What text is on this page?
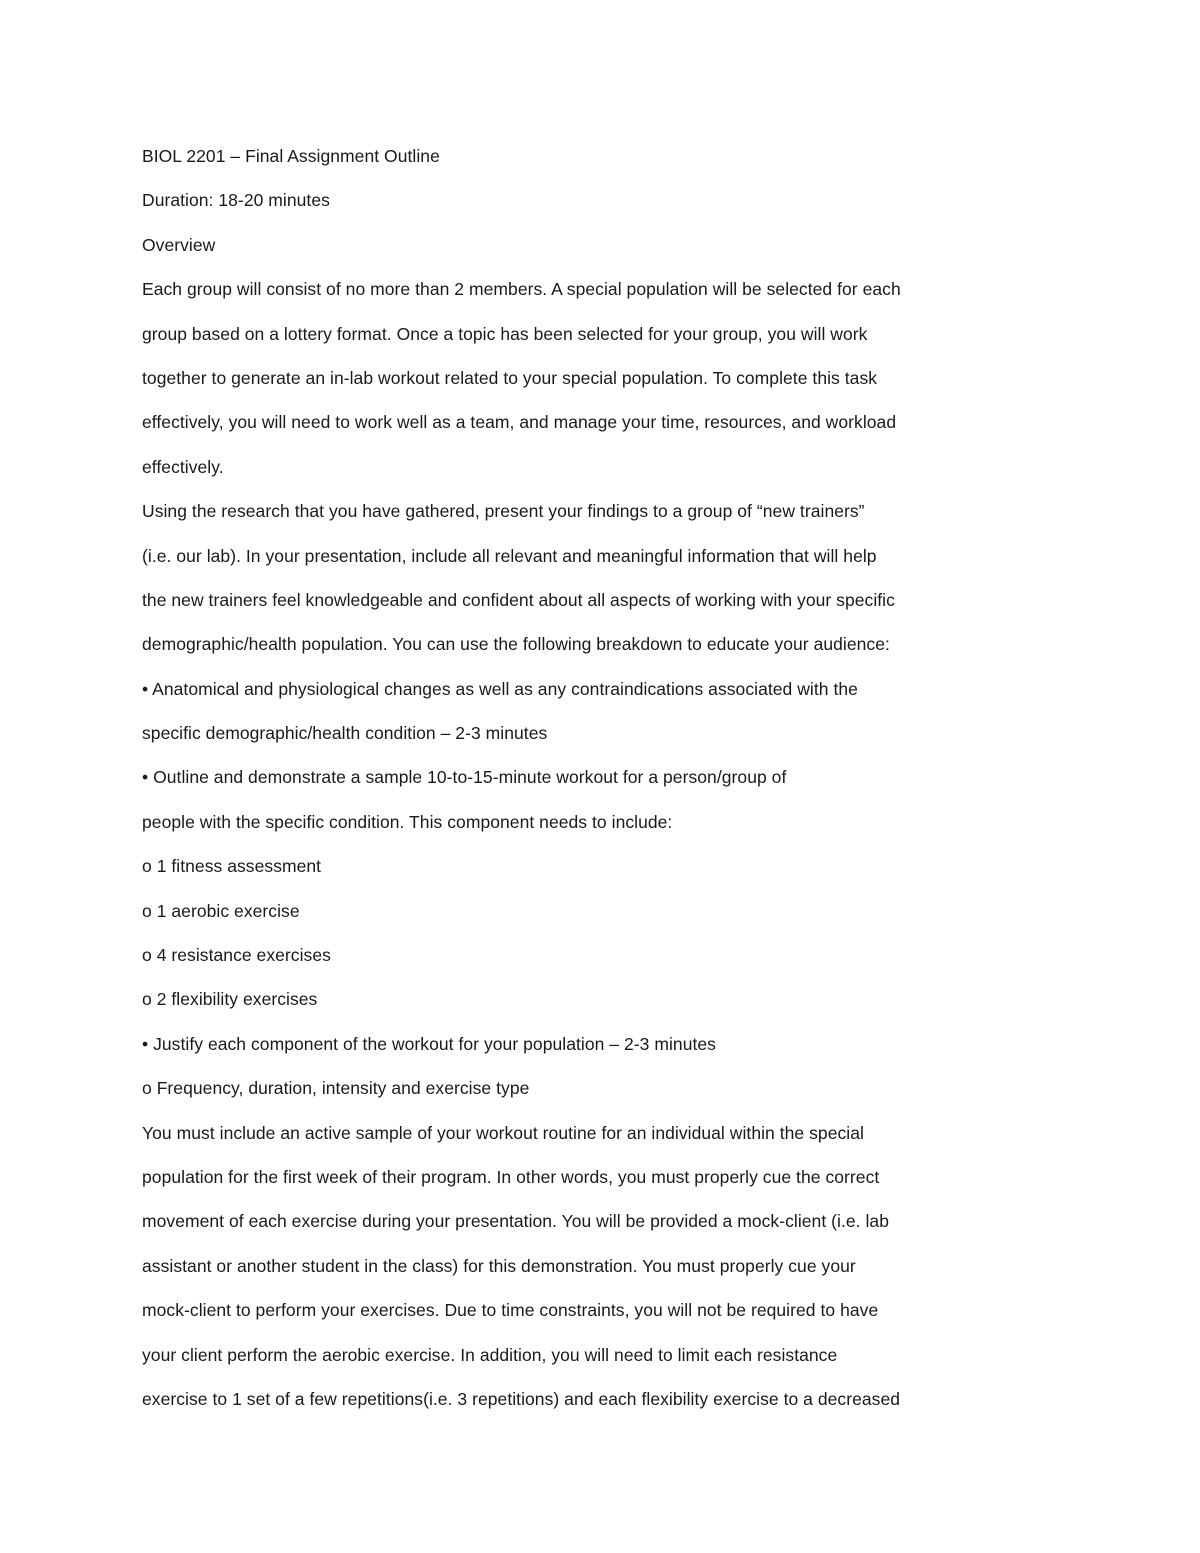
BIOL 2201 – Final Assignment Outline

Duration: 18-20 minutes

Overview

Each group will consist of no more than 2 members. A special population will be selected for each

group based on a lottery format. Once a topic has been selected for your group, you will work

together to generate an in-lab workout related to your special population. To complete this task

effectively, you will need to work well as a team, and manage your time, resources, and workload

effectively.

Using the research that you have gathered, present your findings to a group of “new trainers”

(i.e. our lab). In your presentation, include all relevant and meaningful information that will help

the new trainers feel knowledgeable and confident about all aspects of working with your specific

demographic/health population. You can use the following breakdown to educate your audience:

• Anatomical and physiological changes as well as any contraindications associated with the

specific demographic/health condition – 2-3 minutes

• Outline and demonstrate a sample 10-to-15-minute workout for a person/group of

people with the specific condition. This component needs to include:

o 1 fitness assessment

o 1 aerobic exercise

o 4 resistance exercises

o 2 flexibility exercises

• Justify each component of the workout for your population – 2-3 minutes

o Frequency, duration, intensity and exercise type

You must include an active sample of your workout routine for an individual within the special

population for the first week of their program. In other words, you must properly cue the correct

movement of each exercise during your presentation. You will be provided a mock-client (i.e. lab

assistant or another student in the class) for this demonstration. You must properly cue your

mock-client to perform your exercises. Due to time constraints, you will not be required to have

your client perform the aerobic exercise. In addition, you will need to limit each resistance

exercise to 1 set of a few repetitions(i.e. 3 repetitions) and each flexibility exercise to a decreased
